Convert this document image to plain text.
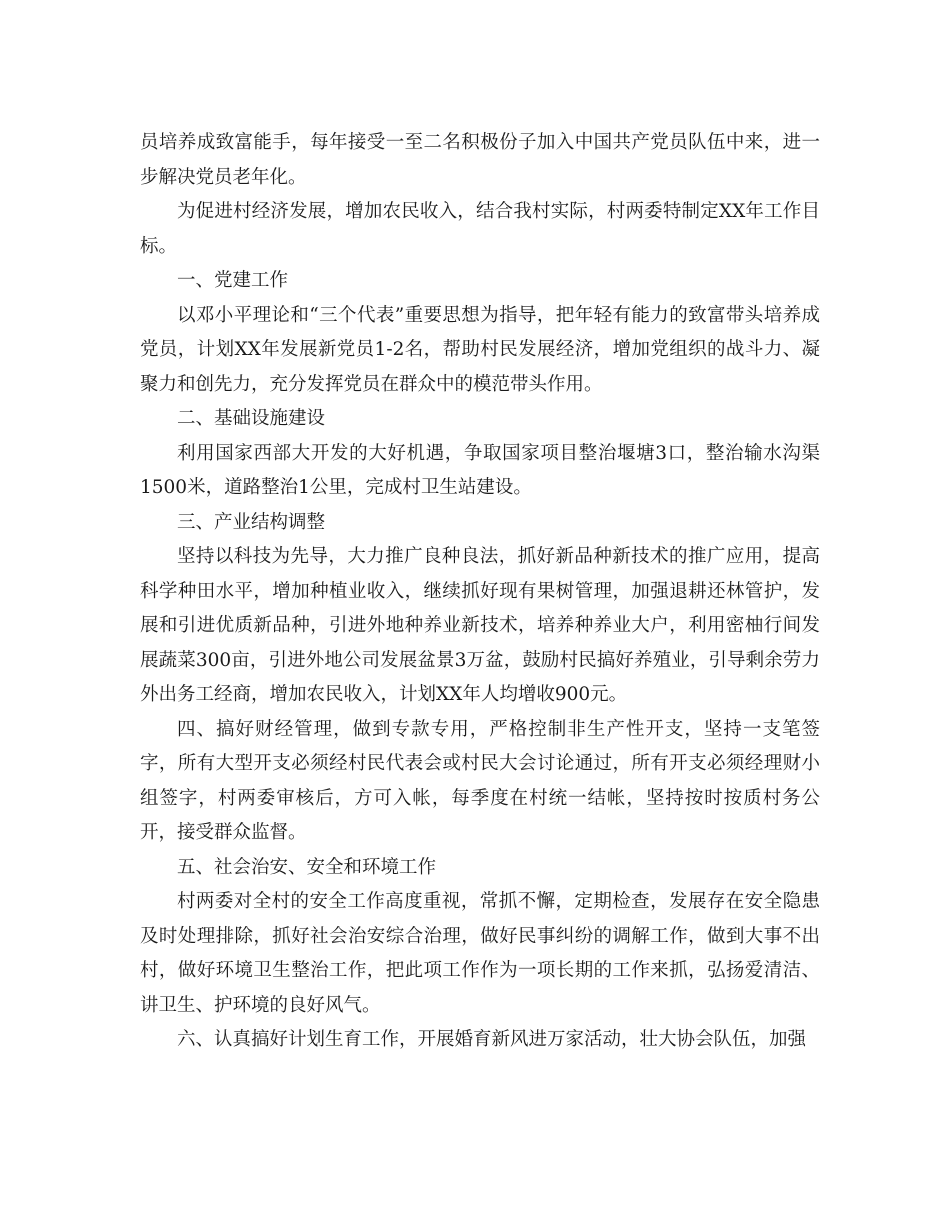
员培养成致富能手，每年接受一至二名积极份子加入中国共产党员队伍中来，进一步解决党员老年化。

为促进村经济发展，增加农民收入，结合我村实际，村两委特制定XX年工作目标。

一、党建工作

以邓小平理论和“三个代表”重要思想为指导，把年轻有能力的致富带头培养成党员，计划XX年发展新党员1-2名，帮助村民发展经济，增加党组织的战斗力、凝聚力和创先力，充分发挥党员在群众中的模范带头作用。

二、基础设施建设

利用国家西部大开发的大好机遇，争取国家项目整治堰塘3口，整治输水沟渠1500米，道路整治1公里，完成村卫生站建设。

三、产业结构调整

坚持以科技为先导，大力推广良种良法，抓好新品种新技术的推广应用，提高科学种田水平，增加种植业收入，继续抓好现有果树管理，加强退耕还林管护，发展和引进优质新品种，引进外地种养业新技术，培养种养业大户，利用密柚行间发展蔬菜300亩，引进外地公司发展盆景3万盆，鼓励村民搞好养殖业，引导剩余劳力外出务工经商，增加农民收入，计划XX年人均增收900元。

四、搞好财经管理，做到专款专用，严格控制非生产性开支，坚持一支笔签字，所有大型开支必须经村民代表会或村民大会讨论通过，所有开支必须经理财小组签字，村两委审核后，方可入帐，每季度在村统一结帐，坚持按时按质村务公开，接受群众监督。

五、社会治安、安全和环境工作

村两委对全村的安全工作高度重视，常抓不懈，定期检查，发展存在安全隐患及时处理排除，抓好社会治安综合治理，做好民事纠纷的调解工作，做到大事不出村，做好环境卫生整治工作，把此项工作作为一项长期的工作来抓，弘扬爱清洁、讲卫生、护环境的良好风气。

六、认真搞好计划生育工作，开展婚育新风进万家活动，壮大协会队伍，加强
